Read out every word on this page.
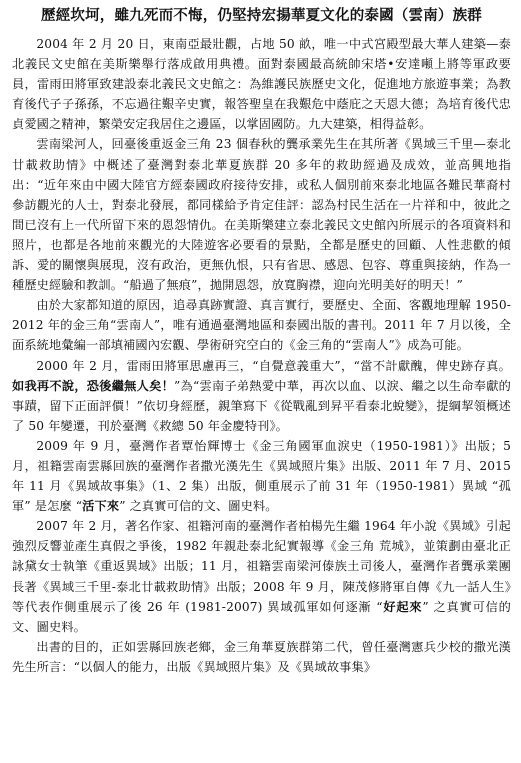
歷經坎坷，雖九死而不悔，仍堅持宏揚華夏文化的泰國（雲南）族群

2004 年 2 月 20 日，東南亞最壯觀，占地 50 畝，唯一中式宮殿型最大華人建築—泰北義民文史館在美斯樂舉行落成啟用典禮。面對泰國最高統帥宋塔•安達噸上將等軍政要員，雷雨田將軍致建設泰北義民文史館之：為維護民族歷史文化，促進地方旅遊事業；為教育後代子子孫孫，不忘過往艱辛史實，報答聖皇在我艱危中蔭庇之天恩大德；為培育後代忠貞愛國之精神，繁榮安定我居住之邊區，以掌固國防。九大建築，相得益彰。

雲南梁河人，回臺後重返金三角 23 個春秋的龔承業先生在其所著《異域三千里—泰北廿載救助情》中概述了臺灣對泰北華夏族群 20 多年的救助經過及成效，並高興地指出：“近年來由中國大陸官方經泰國政府接待安排，或私人個別前來泰北地區各難民華裔村參訪觀光的人士，對泰北發展，都同樣給予肯定佳評：認為村民生活在一片祥和中，彼此之間已沒有上一代所留下來的恩怨情仇。在美斯樂建立泰北義民文史館內所展示的各項資料和照片，也都是各地前來觀光的大陸遊客必要看的景點，全都是歷史的回顧、人性悲歡的傾訴、愛的關懷與展現，沒有政治，更無仇恨，只有省思、感恩、包容、尊重與接納，作為一種歷史經驗和教訓。“船過了無痕”，拋開恩怨，放寬胸襟，迎向光明美好的明天！”

由於大家都知道的原因，追尋真跡實證、真言實行，要歷史、全面、客觀地理解 1950-2012 年的金三角“雲南人”，唯有通過臺灣地區和泰國出版的書刊。2011 年 7 月以後，全面系統地彙編一部填補國內宏觀、學術研究空白的《金三角的“雲南人”》成為可能。

2000 年 2 月，雷雨田將軍思慮再三，“自覺意義重大”，“當不計獻醜，俾史跡存真。如我再不說，恐後繼無人矣！”為“雲南子弟熱愛中華，再次以血、以淚、繼之以生命奉獻的事蹟，留下正面評價！”依切身經歷，親筆寫下《從戰亂到昇平看泰北蛻變》，提綱挈領概述了 50 年變遷，刊於臺灣《救總 50 年金慶特刊》。

2009 年 9 月，臺灣作者覃怡輝博士《金三角國軍血淚史（1950-1981）》出版；5 月，祖籍雲南雲縣回族的臺灣作者撒光漢先生《異域照片集》出版、2011 年 7 月、2015 年 11 月《異域故事集》（1、2 集）出版，側重展示了前 31 年（1950-1981）異域 “孤軍” 是怎麼 “活下來” 之真實可信的文、圖史料。

2007 年 2 月，著名作家、祖籍河南的臺灣作者柏楊先生繼 1964 年小說《異域》引起強烈反響並產生真假之爭後，1982 年親赴泰北紀實報導《金三角 荒城》，並策劃由臺北正詠黛女士執筆《重返異域》出版；11 月，祖籍雲南梁河傣族土司後人，臺灣作者龔承業團長著《異域三千里-泰北廿載救助情》出版；2008 年 9 月，陳茂修將軍自傳《九一話人生》等代表作側重展示了後 26 年 (1981-2007) 異域孤軍如何逐漸 “好起來” 之真實可信的文、圖史料。

出書的目的，正如雲縣回族老鄉，金三角華夏族群第二代，曾任臺灣憲兵少校的撒光漢先生所言：“以個人的能力，出版《異域照片集》及《異域故事集》
